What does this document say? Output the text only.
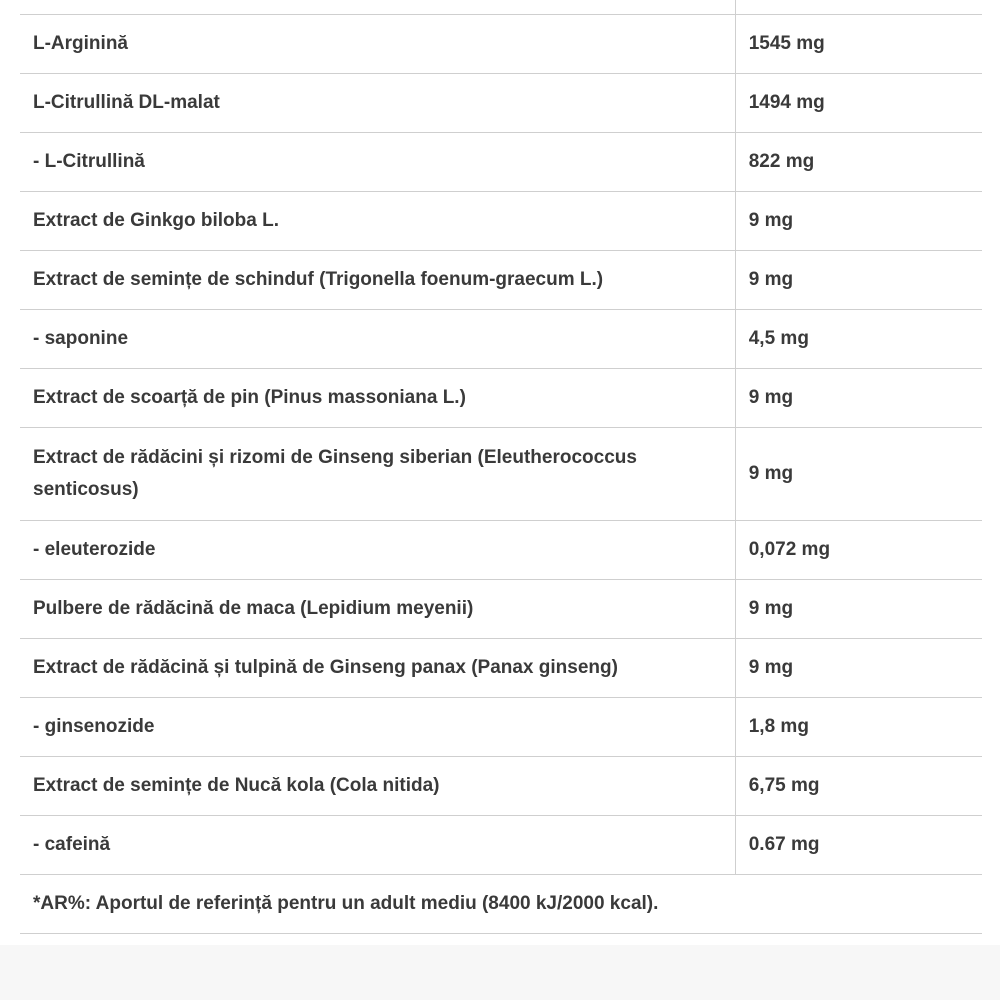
L-Arginină	1545 mg
L-Citrullină DL-malat	1494 mg
- L-Citrullină	822 mg
Extract de Ginkgo biloba L.	9 mg
Extract de semințe de schinduf (Trigonella foenum-graecum L.)	9 mg
- saponine	4,5 mg
Extract de scoarță de pin (Pinus massoniana L.)	9 mg
Extract de rădăcini și rizomi de Ginseng siberian (Eleutherococcus senticosus)	9 mg
- eleuterozide	0,072 mg
Pulbere de rădăcină de maca (Lepidium meyenii)	9 mg
Extract de rădăcină și tulpină de Ginseng panax (Panax ginseng)	9 mg
- ginsenozide	1,8 mg
Extract de semințe de Nucă kola (Cola nitida)	6,75 mg
- cafeină	0.67 mg
*AR%: Aportul de referință pentru un adult mediu (8400 kJ/2000 kcal).	
